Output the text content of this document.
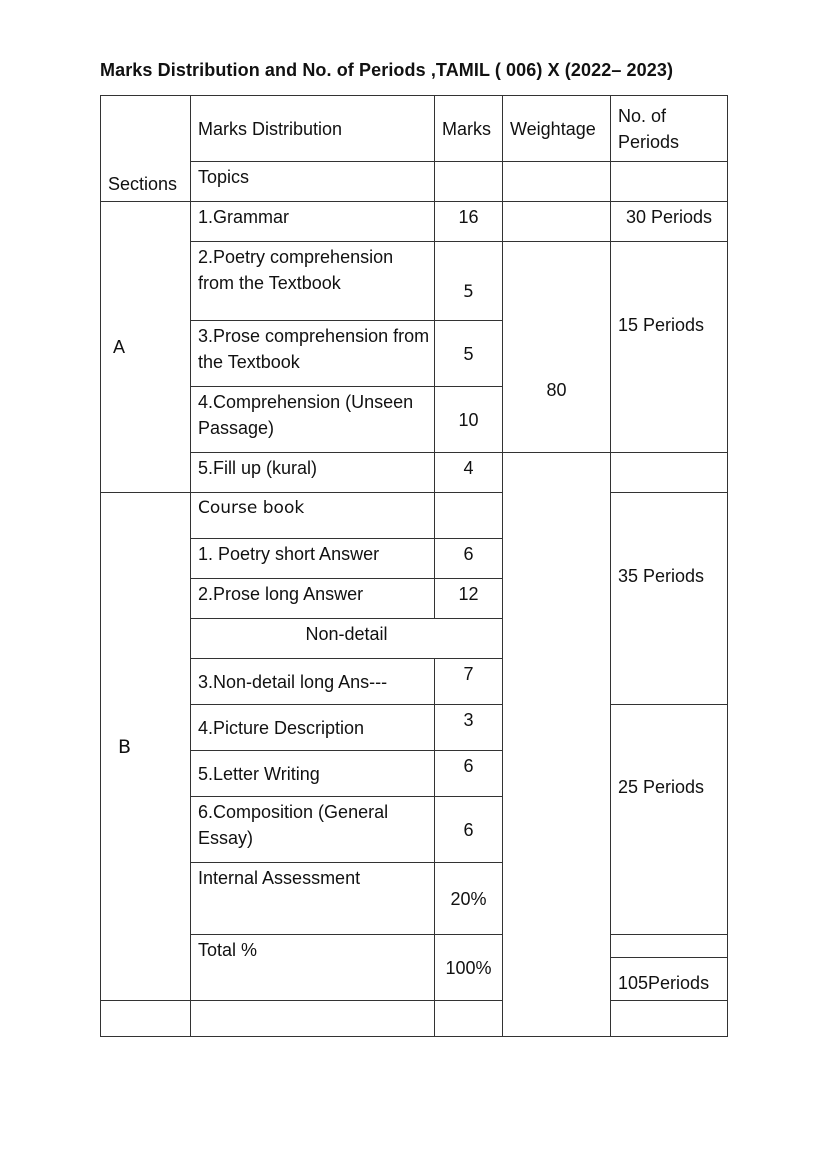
Marks Distribution and No. of Periods ,TAMIL ( 006) X (2022– 2023)
Sections	Marks Distribution	Marks	Weightage	No. of Periods
	Topics			
A	1.Grammar	16		30 Periods
	2.Poetry comprehension from the Textbook	5	80	15 Periods
	3.Prose comprehension from the Textbook	5		
	4.Comprehension (Unseen Passage)	10		
	5.Fill up (kural)	4		
B	Course book			35 Periods
	1. Poetry short Answer	6		
	2.Prose long Answer	12		
	Non-detail			
	3.Non-detail long Ans---	7		
	4.Picture Description	3		25 Periods
	5.Letter Writing	6		
	6.Composition (General Essay)	6		
	Internal Assessment	20%		
	Total %	100%		
				105Periods
